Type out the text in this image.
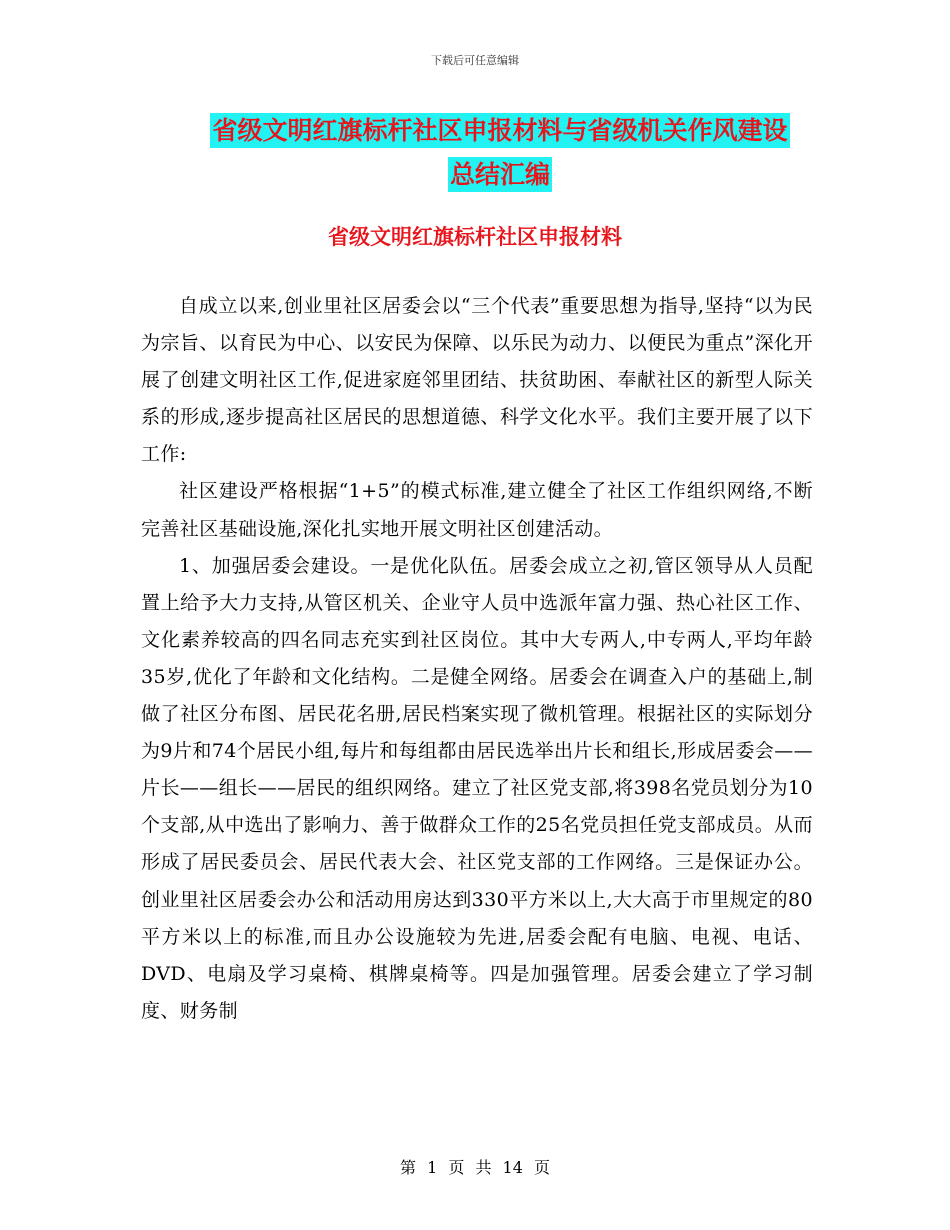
下载后可任意编辑
省级文明红旗标杆社区申报材料与省级机关作风建设
总结汇编
省级文明红旗标杆社区申报材料

自成立以来,创业里社区居委会以“三个代表”重要思想为指导,坚持“以为民为宗旨、以育民为中心、以安民为保障、以乐民为动力、以便民为重点”深化开展了创建文明社区工作,促进家庭邻里团结、扶贫助困、奉献社区的新型人际关系的形成,逐步提高社区居民的思想道德、科学文化水平。我们主要开展了以下工作:

社区建设严格根据“1+5”的模式标准,建立健全了社区工作组织网络,不断完善社区基础设施,深化扎实地开展文明社区创建活动。

1、加强居委会建设。一是优化队伍。居委会成立之初,管区领导从人员配置上给予大力支持,从管区机关、企业守人员中选派年富力强、热心社区工作、文化素养较高的四名同志充实到社区岗位。其中大专两人,中专两人,平均年龄35岁,优化了年龄和文化结构。二是健全网络。居委会在调查入户的基础上,制做了社区分布图、居民花名册,居民档案实现了微机管理。根据社区的实际划分为9片和74个居民小组,每片和每组都由居民选举出片长和组长,形成居委会——片长——组长——居民的组织网络。建立了社区党支部,将398名党员划分为10个支部,从中选出了影响力、善于做群众工作的25名党员担任党支部成员。从而形成了居民委员会、居民代表大会、社区党支部的工作网络。三是保证办公。创业里社区居委会办公和活动用房达到330平方米以上,大大高于市里规定的80平方米以上的标准,而且办公设施较为先进,居委会配有电脑、电视、电话、DVD、电扇及学习桌椅、棋牌桌椅等。四是加强管理。居委会建立了学习制度、财务制

第 1 页 共 14 页
